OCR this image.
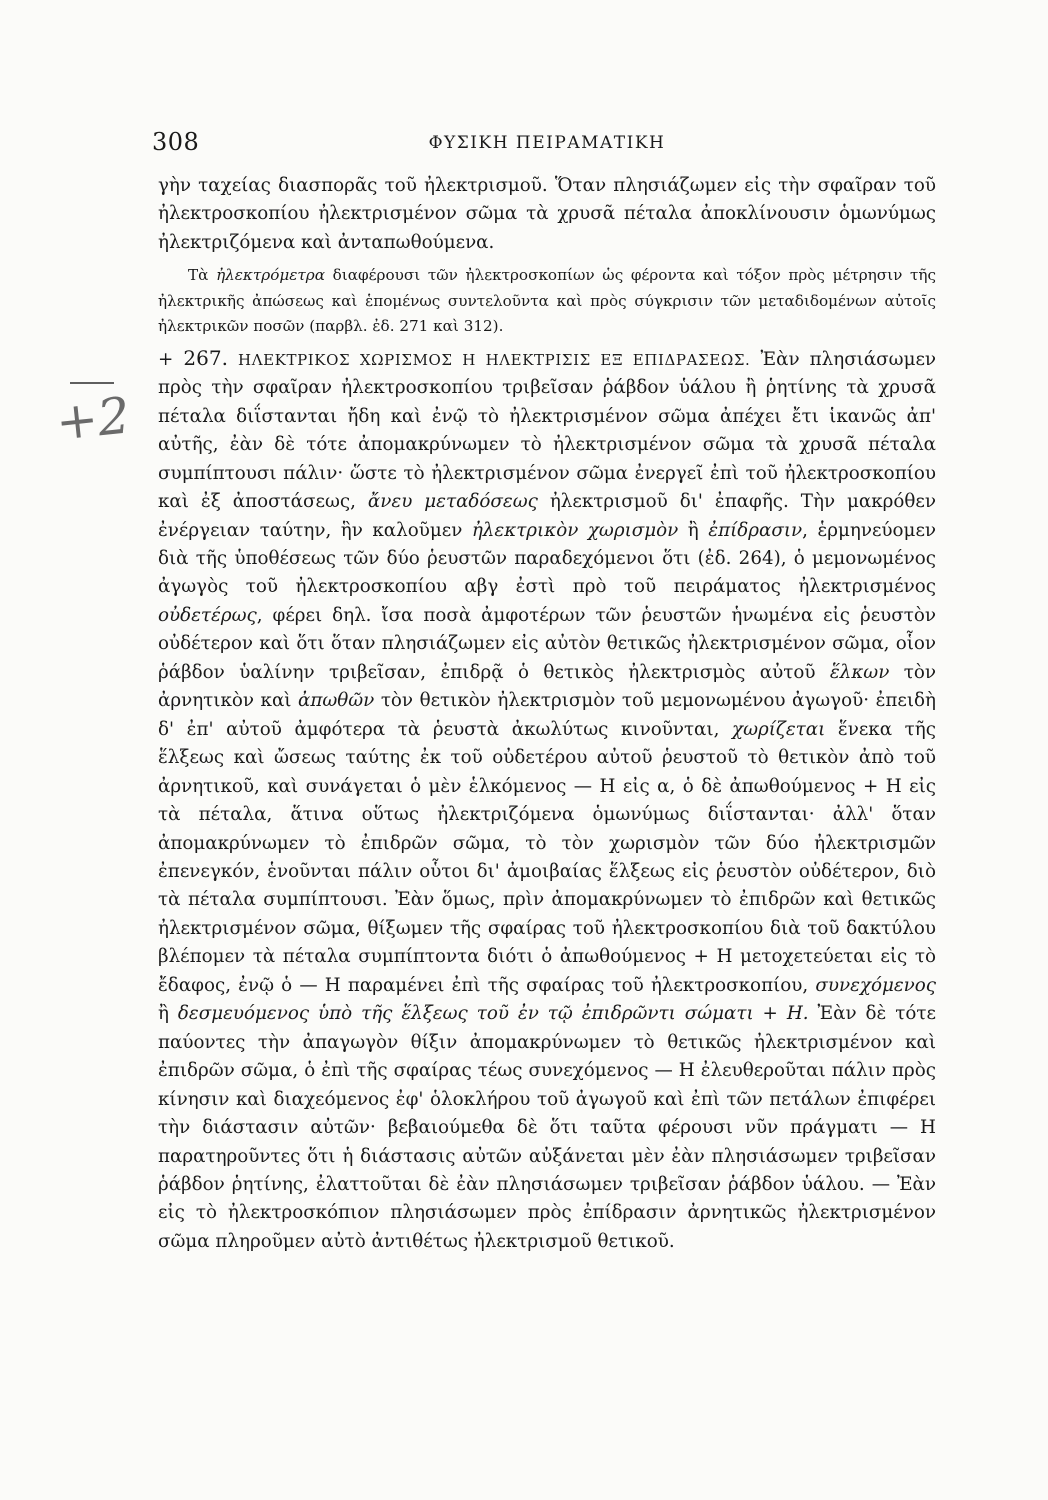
308	ΦΥΣΙΚΗ ΠΕΙΡΑΜΑΤΙΚΗ
+2

γὴν ταχείας διασπορᾶς τοῦ ἠλεκτρισμοῦ. Ὅταν πλησιάζωμεν εἰς τὴν σφαῖραν τοῦ ἠλεκτροσκοπίου ἠλεκτρισμένον σῶμα τὰ χρυσᾶ πέταλα ἀποκλίνουσιν ὁμωνύμως ἠλεκτριζόμενα καὶ ἀνταπωθούμενα.

Τὰ ἠλεκτρόμετρα διαφέρουσι τῶν ἠλεκτροσκοπίων ὡς φέροντα καὶ τόξον πρὸς μέτρησιν τῆς ἠλεκτρικῆς ἀπώσεως καὶ ἑπομένως συντελοῦντα καὶ πρὸς σύγκρισιν τῶν μεταδιδομένων αὐτοῖς ἠλεκτρικῶν ποσῶν (παρβλ. ἐδ. 271 καὶ 312).

+ 267. ΗΛΕΚΤΡΙΚΟΣ ΧΩΡΙΣΜΟΣ Η ΗΛΕΚΤΡΙΣΙΣ ΕΞ ΕΠΙΔΡΑΣΕΩΣ. Ἐὰν πλησιάσωμεν πρὸς τὴν σφαῖραν ἠλεκτροσκοπίου τριβεῖσαν ῥάβδον ὑάλου ἢ ῥητίνης τὰ χρυσᾶ πέταλα διΐστανται ἤδη καὶ ἐνῷ τὸ ἠλεκτρισμένον σῶμα ἀπέχει ἔτι ἱκανῶς ἀπ' αὐτῆς, ἐὰν δὲ τότε ἀπομακρύνωμεν τὸ ἠλεκτρισμένον σῶμα τὰ χρυσᾶ πέταλα συμπίπτουσι πάλιν· ὥστε τὸ ἠλεκτρισμένον σῶμα ἐνεργεῖ ἐπὶ τοῦ ἠλεκτροσκοπίου καὶ ἐξ ἀποστάσεως, ἄνευ μεταδόσεως ἠλεκτρισμοῦ δι' ἐπαφῆς. Τὴν μακρόθεν ἐνέργειαν ταύτην, ἣν καλοῦμεν ἠλεκτρικὸν χωρισμὸν ἢ ἐπίδρασιν, ἑρμηνεύομεν διὰ τῆς ὑποθέσεως τῶν δύο ῥευστῶν παραδεχόμενοι ὅτι (ἐδ. 264), ὁ μεμονωμένος ἀγωγὸς τοῦ ἠλεκτροσκοπίου αβγ ἐστὶ πρὸ τοῦ πειράματος ἠλεκτρισμένος οὐδετέρως, φέρει δηλ. ἴσα ποσὰ ἀμφοτέρων τῶν ῥευστῶν ἡνωμένα εἰς ῥευστὸν οὐδέτερον καὶ ὅτι ὅταν πλησιάζωμεν εἰς αὐτὸν θετικῶς ἠλεκτρισμένον σῶμα, οἷον ῥάβδον ὑαλίνην τριβεῖσαν, ἐπιδρᾷ ὁ θετικὸς ἠλεκτρισμὸς αὐτοῦ ἕλκων τὸν ἀρνητικὸν καὶ ἀπωθῶν τὸν θετικὸν ἠλεκτρισμὸν τοῦ μεμονωμένου ἀγωγοῦ· ἐπειδὴ δ' ἐπ' αὐτοῦ ἀμφότερα τὰ ῥευστὰ ἀκωλύτως κινοῦνται, χωρίζεται ἕνεκα τῆς ἕλξεως καὶ ὤσεως ταύτης ἐκ τοῦ οὐδετέρου αὐτοῦ ῥευστοῦ τὸ θετικὸν ἀπὸ τοῦ ἀρνητικοῦ, καὶ συνάγεται ὁ μὲν ἑλκόμενος — Η εἰς α, ὁ δὲ ἀπωθούμενος + Η εἰς τὰ πέταλα, ἅτινα οὕτως ἠλεκτριζόμενα ὁμωνύμως διΐστανται· ἀλλ' ὅταν ἀπομακρύνωμεν τὸ ἐπιδρῶν σῶμα, τὸ τὸν χωρισμὸν τῶν δύο ἠλεκτρισμῶν ἐπενεγκόν, ἑνοῦνται πάλιν οὗτοι δι' ἀμοιβαίας ἕλξεως εἰς ῥευστὸν οὐδέτερον, διὸ τὰ πέταλα συμπίπτουσι. Ἐὰν ὅμως, πρὶν ἀπομακρύνωμεν τὸ ἐπιδρῶν καὶ θετικῶς ἠλεκτρισμένον σῶμα, θίξωμεν τῆς σφαίρας τοῦ ἠλεκτροσκοπίου διὰ τοῦ δακτύλου βλέπομεν τὰ πέταλα συμπίπτοντα διότι ὁ ἀπωθούμενος + Η μετοχετεύεται εἰς τὸ ἔδαφος, ἐνῷ ὁ — Η παραμένει ἐπὶ τῆς σφαίρας τοῦ ἠλεκτροσκοπίου, συνεχόμενος ἢ δεσμευόμενος ὑπὸ τῆς ἕλξεως τοῦ ἐν τῷ ἐπιδρῶντι σώματι + Η. Ἐὰν δὲ τότε παύοντες τὴν ἀπαγωγὸν θίξιν ἀπομακρύνωμεν τὸ θετικῶς ἠλεκτρισμένον καὶ ἐπιδρῶν σῶμα, ὁ ἐπὶ τῆς σφαίρας τέως συνεχόμενος — Η ἐλευθεροῦται πάλιν πρὸς κίνησιν καὶ διαχεόμενος ἐφ' ὁλοκλήρου τοῦ ἀγωγοῦ καὶ ἐπὶ τῶν πετάλων ἐπιφέρει τὴν διάστασιν αὐτῶν· βεβαιούμεθα δὲ ὅτι ταῦτα φέρουσι νῦν πράγματι — Η παρατηροῦντες ὅτι ἡ διάστασις αὐτῶν αὐξάνεται μὲν ἐὰν πλησιάσωμεν τριβεῖσαν ῥάβδον ῥητίνης, ἐλαττοῦται δὲ ἐὰν πλησιάσωμεν τριβεῖσαν ῥάβδον ὑάλου. — Ἐὰν εἰς τὸ ἠλεκτροσκόπιον πλησιάσωμεν πρὸς ἐπίδρασιν ἀρνητικῶς ἠλεκτρισμένον σῶμα πληροῦμεν αὐτὸ ἀντιθέτως ἠλεκτρισμοῦ θετικοῦ.
